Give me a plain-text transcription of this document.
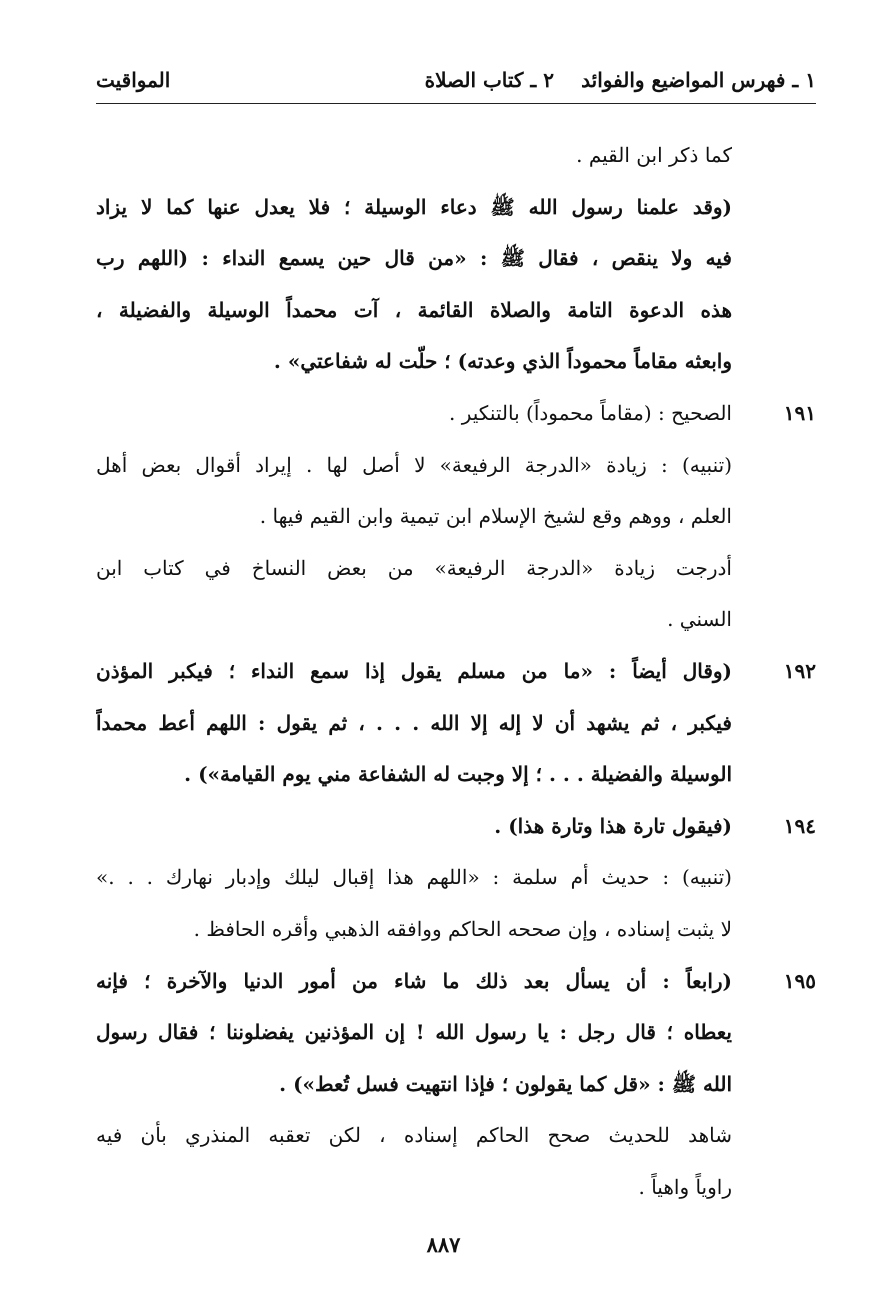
١ ـ فهرس المواضيع والفوائد
٢ ـ كتاب الصلاة
المواقيت
كما ذكر ابن القيم .
(وقد علمنا رسول الله ﷺ دعاء الوسيلة ؛ فلا يعدل عنها كما لا يزاد
فيه ولا ينقص ، فقال ﷺ : «من قال حين يسمع النداء : (اللهم رب
هذه الدعوة التامة والصلاة القائمة ، آت محمداً الوسيلة والفضيلة ،
وابعثه مقاماً محموداً الذي وعدته) ؛ حلّت له شفاعتي» .
١٩١
الصحيح : (مقاماً محموداً) بالتنكير .
(تنبيه) : زيادة «الدرجة الرفيعة» لا أصل لها . إيراد أقوال بعض أهل
العلم ، ووهم وقع لشيخ الإسلام ابن تيمية وابن القيم فيها .
أدرجت زيادة «الدرجة الرفيعة» من بعض النساخ في كتاب ابن
السني .
١٩٢
(وقال أيضاً : «ما من مسلم يقول إذا سمع النداء ؛ فيكبر المؤذن
فيكبر ، ثم يشهد أن لا إله إلا الله . . . ، ثم يقول : اللهم أعط محمداً
الوسيلة والفضيلة . . . ؛ إلا وجبت له الشفاعة مني يوم القيامة») .
١٩٤
(فيقول تارة هذا وتارة هذا) .
(تنبيه) : حديث أم سلمة : «اللهم هذا إقبال ليلك وإدبار نهارك . . .»
لا يثبت إسناده ، وإن صححه الحاكم ووافقه الذهبي وأقره الحافظ .
١٩٥
(رابعاً : أن يسأل بعد ذلك ما شاء من أمور الدنيا والآخرة ؛ فإنه
يعطاه ؛ قال رجل : يا رسول الله ! إن المؤذنين يفضلوننا ؛ فقال رسول
الله ﷺ : «قل كما يقولون ؛ فإذا انتهيت فسل تُعط») .
شاهد للحديث صحح الحاكم إسناده ، لكن تعقبه المنذري بأن فيه
راوياً واهياً .
٨٨٧
